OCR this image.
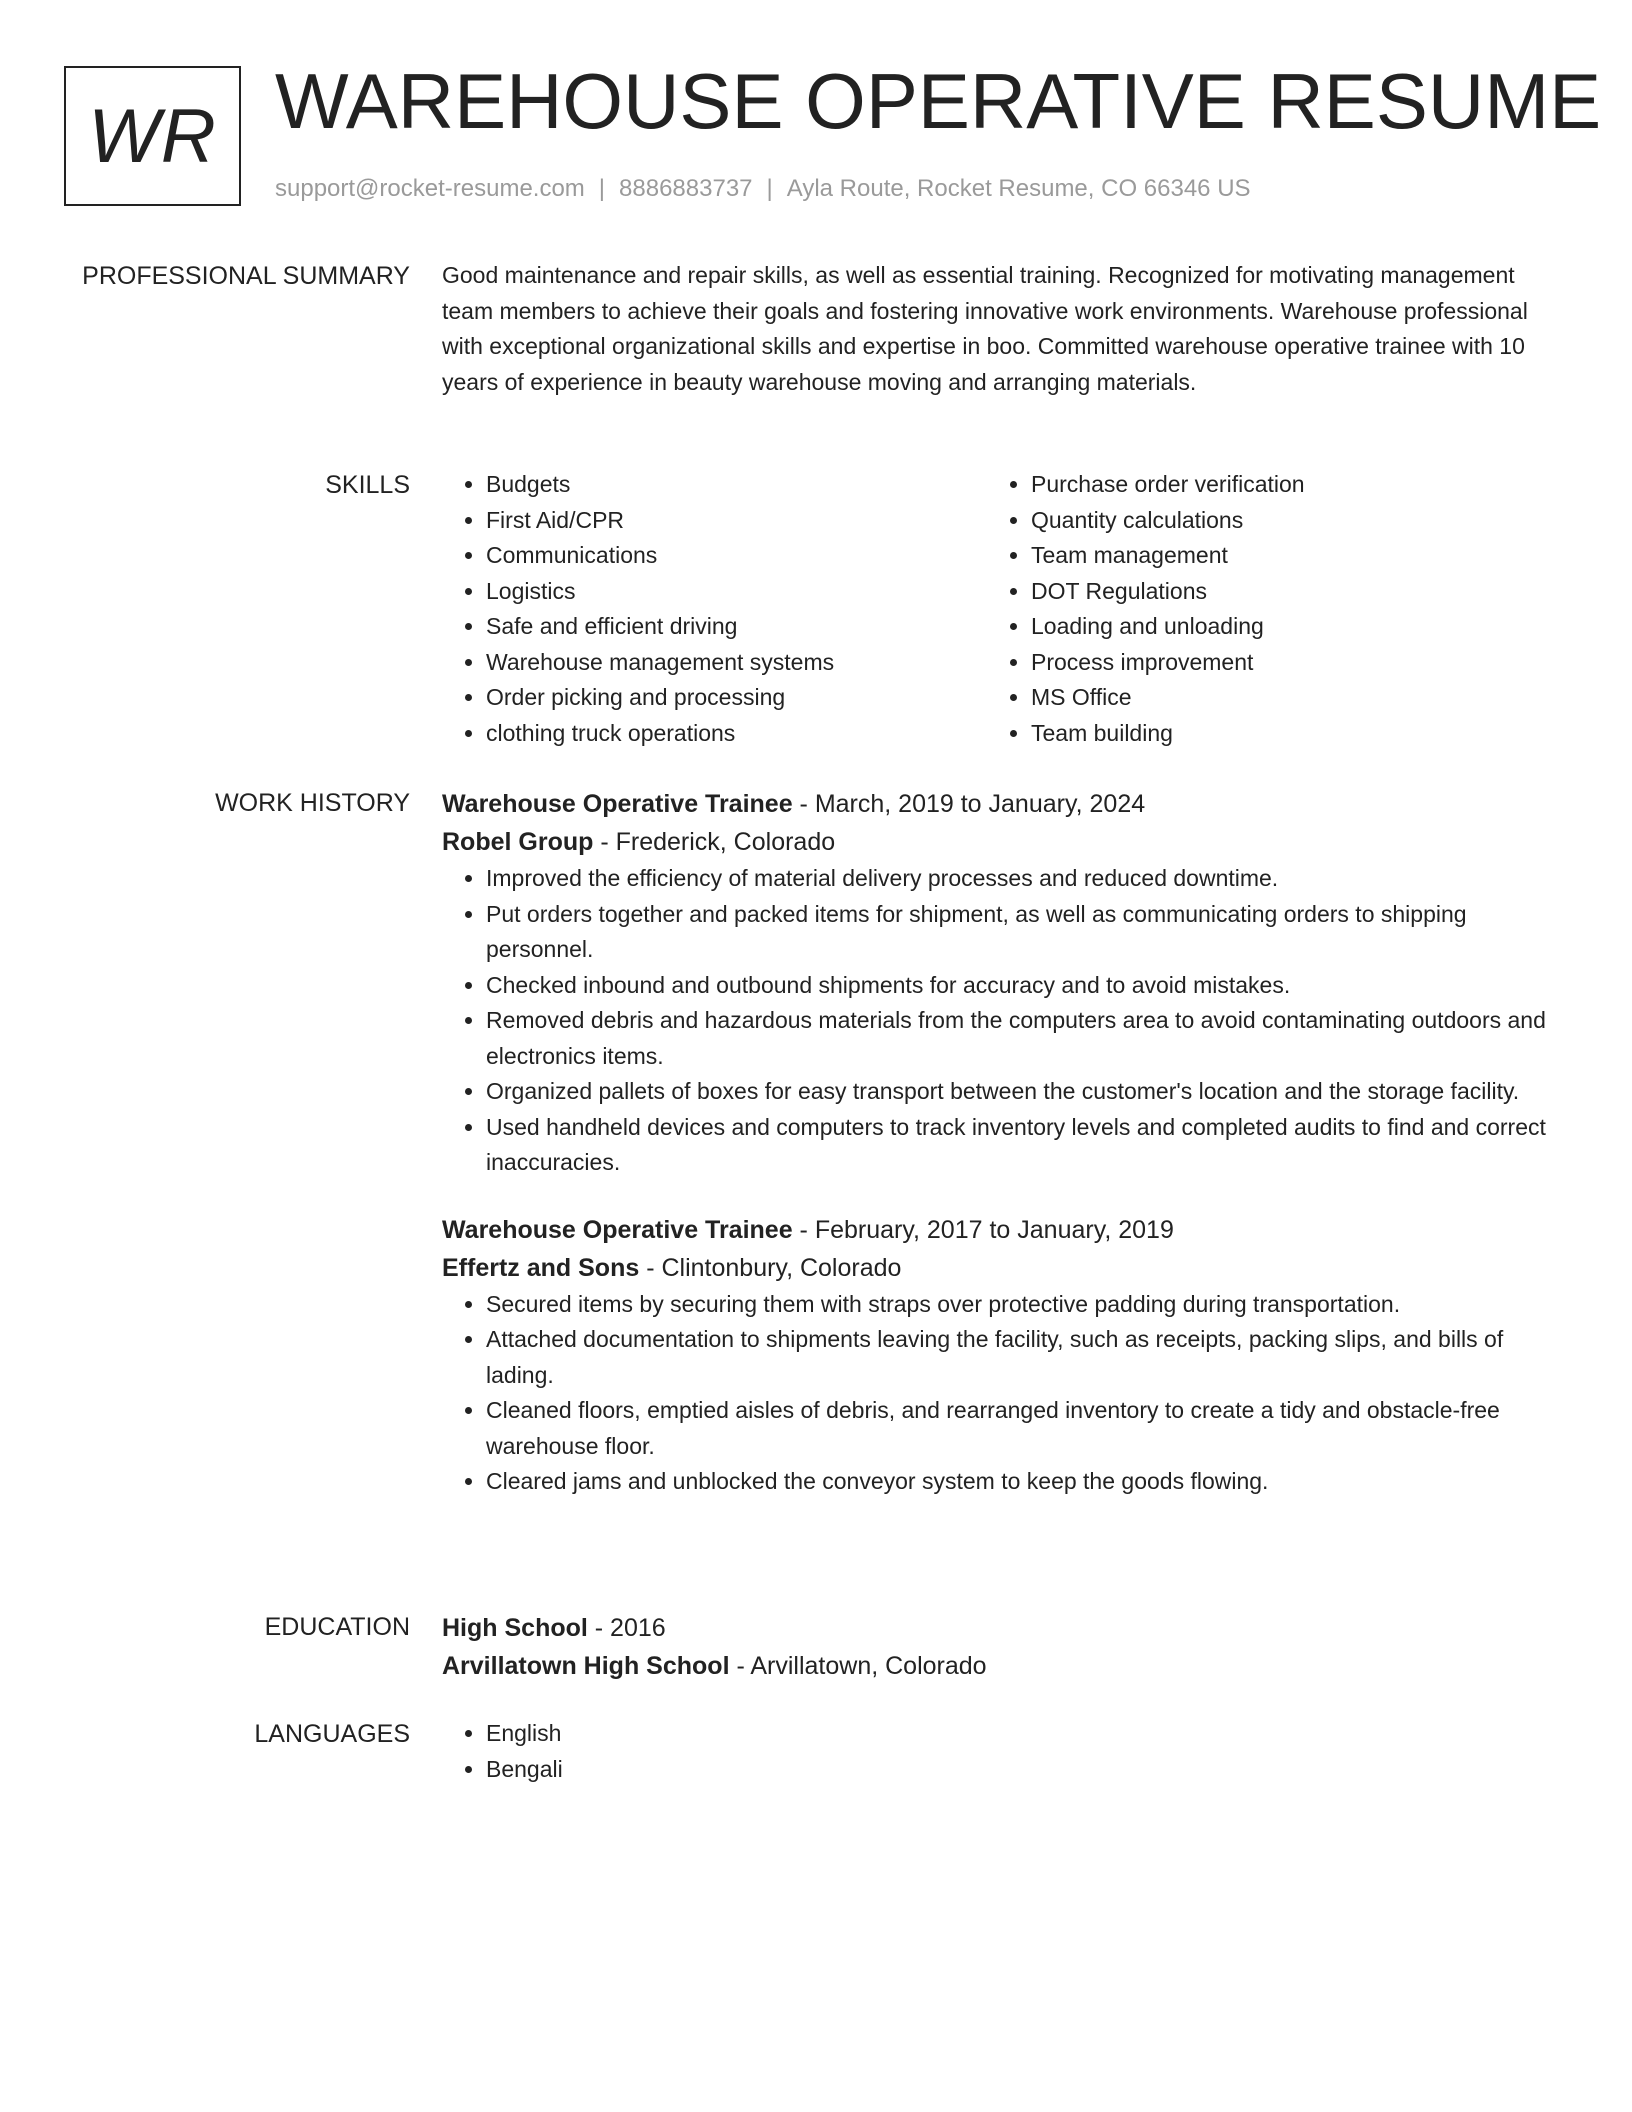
WR WAREHOUSE OPERATIVE RESUME
support@rocket-resume.com | 8886883737 | Ayla Route, Rocket Resume, CO 66346 US
PROFESSIONAL SUMMARY Good maintenance and repair skills, as well as essential training. Recognized for motivating management team members to achieve their goals and fostering innovative work environments. Warehouse professional with exceptional organizational skills and expertise in boo. Committed warehouse operative trainee with 10 years of experience in beauty warehouse moving and arranging materials.
SKILLS	• Budgets
• First Aid/CPR
• Communications
• Logistics
• Safe and efficient driving
• Warehouse management systems
• Order picking and processing
• clothing truck operations
• Purchase order verification
• Quantity calculations
• Team management
• DOT Regulations
• Loading and unloading
• Process improvement
• MS Office
• Team building
WORK HISTORY Warehouse Operative Trainee - March, 2019 to January, 2024
Robel Group - Frederick, Colorado
• Improved the efficiency of material delivery processes and reduced downtime.
• Put orders together and packed items for shipment, as well as communicating orders to shipping personnel.
• Checked inbound and outbound shipments for accuracy and to avoid mistakes.
• Removed debris and hazardous materials from the computers area to avoid contaminating outdoors and electronics items.
• Organized pallets of boxes for easy transport between the customer's location and the storage facility.
• Used handheld devices and computers to track inventory levels and completed audits to find and correct inaccuracies.
Warehouse Operative Trainee - February, 2017 to January, 2019
Effertz and Sons - Clintonbury, Colorado
• Secured items by securing them with straps over protective padding during transportation.
• Attached documentation to shipments leaving the facility, such as receipts, packing slips, and bills of lading.
• Cleaned floors, emptied aisles of debris, and rearranged inventory to create a tidy and obstacle-free warehouse floor.
• Cleared jams and unblocked the conveyor system to keep the goods flowing.
EDUCATION High School - 2016
Arvillatown High School - Arvillatown, Colorado
LANGUAGES	• English
• Bengali
